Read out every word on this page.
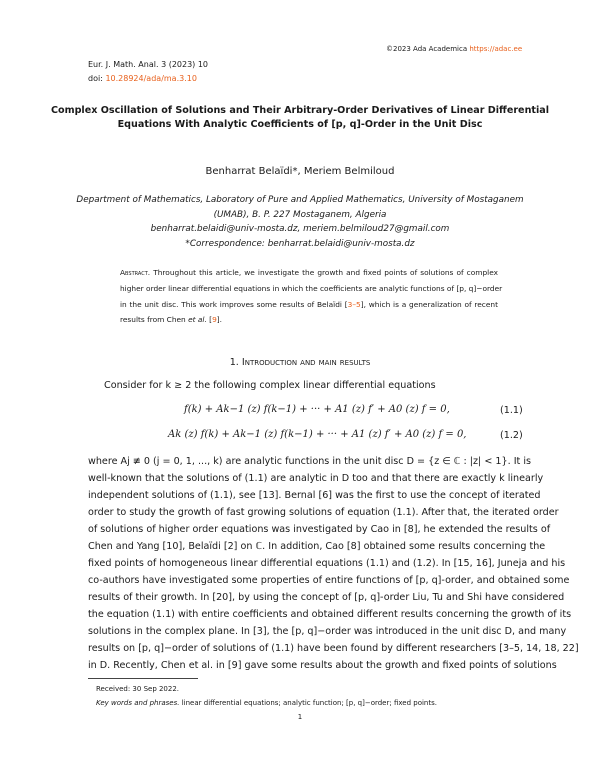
©2023 Ada Academica https://adac.ee
Eur. J. Math. Anal. 3 (2023) 10
doi: 10.28924/ada/ma.3.10
Complex Oscillation of Solutions and Their Arbitrary-Order Derivatives of Linear Differential
Equations With Analytic Coefficients of [p, q]-Order in the Unit Disc
Benharrat Belaïdi*, Meriem Belmiloud
Department of Mathematics, Laboratory of Pure and Applied Mathematics, University of Mostaganem
(UMAB), B. P. 227 Mostaganem, Algeria
benharrat.belaidi@univ-mosta.dz, meriem.belmiloud27@gmail.com
*Correspondence: benharrat.belaidi@univ-mosta.dz
Abstract. Throughout this article, we investigate the growth and fixed points of solutions of complex
higher order linear differential equations in which the coefficients are analytic functions of [p, q]−order
in the unit disc. This work improves some results of Belaïdi [3–5], which is a generalization of recent
results from Chen et al. [9].
1. Introduction and main results
Consider for k ≥ 2 the following complex linear differential equations
f(k) + Ak−1 (z) f(k−1) + ··· + A1 (z) f′ + A0 (z) f = 0,	(1.1)
Ak (z) f(k) + Ak−1 (z) f(k−1) + ··· + A1 (z) f′ + A0 (z) f = 0,	(1.2)
where Aj ≢ 0 (j = 0, 1, ..., k) are analytic functions in the unit disc D = {z ∈ ℂ : |z| < 1}. It is
well-known that the solutions of (1.1) are analytic in D too and that there are exactly k linearly
independent solutions of (1.1), see [13]. Bernal [6] was the first to use the concept of iterated
order to study the growth of fast growing solutions of equation (1.1). After that, the iterated order
of solutions of higher order equations was investigated by Cao in [8], he extended the results of
Chen and Yang [10], Belaïdi [2] on ℂ. In addition, Cao [8] obtained some results concerning the
fixed points of homogeneous linear differential equations (1.1) and (1.2). In [15, 16], Juneja and his
co-authors have investigated some properties of entire functions of [p, q]-order, and obtained some
results of their growth. In [20], by using the concept of [p, q]-order Liu, Tu and Shi have considered
the equation (1.1) with entire coefficients and obtained different results concerning the growth of its
solutions in the complex plane. In [3], the [p, q]−order was introduced in the unit disc D, and many
results on [p, q]−order of solutions of (1.1) have been found by different researchers [3–5, 14, 18, 22]
in D. Recently, Chen et al. in [9] gave some results about the growth and fixed points of solutions
Received: 30 Sep 2022.
Key words and phrases. linear differential equations; analytic function; [p, q]−order; fixed points.
1
